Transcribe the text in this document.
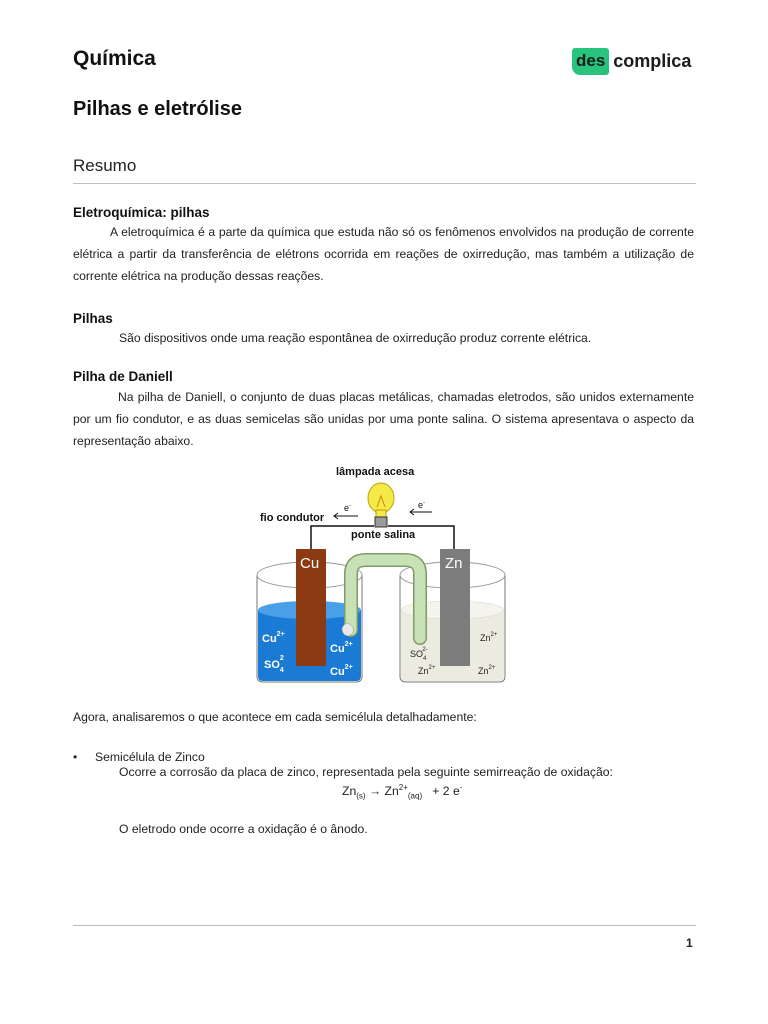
Química	des complica
Pilhas e eletrólise
Resumo
Eletroquímica: pilhas
A eletroquímica é a parte da química que estuda não só os fenômenos envolvidos na produção de corrente elétrica a partir da transferência de elétrons ocorrida em reações de oxirredução, mas também a utilização de corrente elétrica na produção dessas reações.
Pilhas
São dispositivos onde uma reação espontânea de oxirredução produz corrente elétrica.
Pilha de Daniell
Na pilha de Daniell, o conjunto de duas placas metálicas, chamadas eletrodos, são unidos externamente por um fio condutor, e as duas semicelas são unidas por uma ponte salina. O sistema apresentava o aspecto da representação abaixo.
lâmpada acesa
fio condutor
e-	e-
ponte salina
Cu	Zn
$Cu^{2+}$
$Cu^{2+}$
$Cu^{2+}$
$SO_42$	$SO_42-$
$Zn^{2+}$
$Zn^{2+}$	$Zn^{2+}$
Agora, analisaremos o que acontece em cada semicélula detalhadamente:
• Semicélula de Zinco
Ocorre a corrosão da placa de zinco, representada pela seguinte semirreação de oxidação:
$Zn_{(s)} \to Zn^{2+}_{(aq)} + 2$ e-
O eletrodo onde ocorre a oxidação é o ânodo.
1
